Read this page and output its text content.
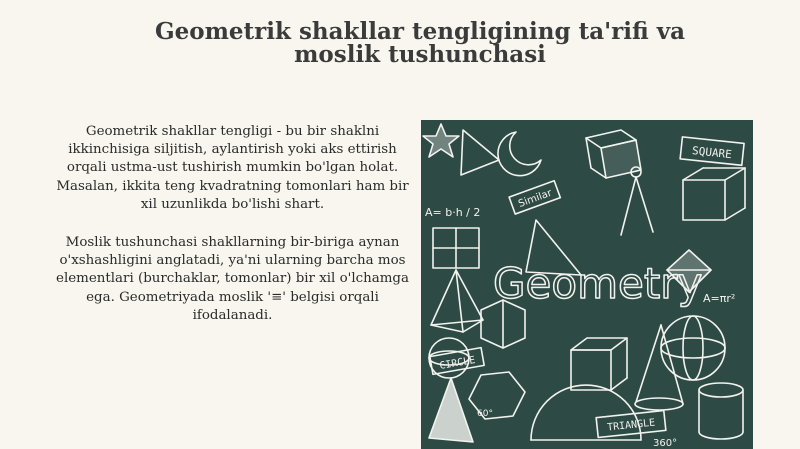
Geometrik shakllar tengligining ta'rifi va moslik tushunchasi

Geometrik shakllar tengligi - bu bir shaklni ikkinchisiga siljitish, aylantirish yoki aks ettirish orqali ustma-ust tushirish mumkin bo'lgan holat. Masalan, ikkita teng kvadratning tomonlari ham bir xil uzunlikda bo'lishi shart.

Moslik tushunchasi shakllarning bir-biriga aynan o'xshashligini anglatadi, ya'ni ularning barcha mos elementlari (burchaklar, tomonlar) bir xil o'lchamga ega. Geometriyada moslik '≡' belgisi orqali ifodalanadi.

SQUARE
A= b·h / 2
Similar
Geometry A=πr²
CIRCLE
TRIANGLE
360°
60°
